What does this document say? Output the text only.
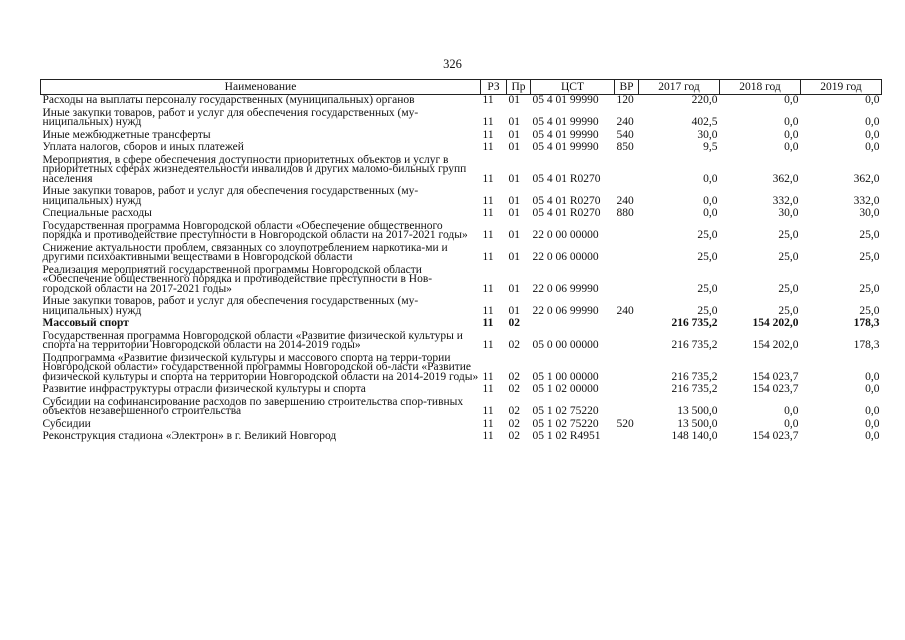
326
Наименование	РЗ	Пр	ЦСТ	ВР	2017 год	2018 год	2019 год
Расходы на выплаты персоналу государственных (муниципальных) органов	11	01	05 4 01 99990	120	220,0	0,0	0,0
Иные закупки товаров, работ и услуг для обеспечения государственных (му-ниципальных) нужд	11	01	05 4 01 99990	240	402,5	0,0	0,0
Иные межбюджетные трансферты	11	01	05 4 01 99990	540	30,0	0,0	0,0
Уплата налогов, сборов и иных платежей	11	01	05 4 01 99990	850	9,5	0,0	0,0
Мероприятия, в сфере обеспечения доступности приоритетных объектов и услуг в приоритетных сферах жизнедеятельности инвалидов и других маломо-бильных групп населения	11	01	05 4 01 R0270		0,0	362,0	362,0
Иные закупки товаров, работ и услуг для обеспечения государственных (му-ниципальных) нужд	11	01	05 4 01 R0270	240	0,0	332,0	332,0
Специальные расходы	11	01	05 4 01 R0270	880	0,0	30,0	30,0
Государственная программа Новгородской области «Обеспечение общественного порядка и противодействие преступности в Новгородской области на 2017-2021 годы»	11	01	22 0 00 00000		25,0	25,0	25,0
Снижение актуальности проблем, связанных со злоупотреблением наркотика-ми и другими психоактивными веществами в Новгородской области	11	01	22 0 06 00000		25,0	25,0	25,0
Реализация мероприятий государственной программы Новгородской области «Обеспечение общественного порядка и противодействие преступности в Нов-городской области на 2017-2021 годы»	11	01	22 0 06 99990		25,0	25,0	25,0
Иные закупки товаров, работ и услуг для обеспечения государственных (му-ниципальных) нужд	11	01	22 0 06 99990	240	25,0	25,0	25,0
Массовый спорт	11	02			216 735,2	154 202,0	178,3
Государственная программа Новгородской области «Развитие физической культуры и спорта на территории Новгородской области на 2014-2019 годы»	11	02	05 0 00 00000		216 735,2	154 202,0	178,3
Подпрограмма «Развитие физической культуры и массового спорта на терри-тории Новгородской области» государственной программы Новгородской об-ласти «Развитие физической культуры и спорта на территории Новгородской области на 2014-2019 годы»	11	02	05 1 00 00000		216 735,2	154 023,7	0,0
Развитие инфраструктуры отрасли физической культуры и спорта	11	02	05 1 02 00000		216 735,2	154 023,7	0,0
Субсидии на софинансирование расходов по завершению строительства спор-тивных объектов незавершенного строительства	11	02	05 1 02 75220		13 500,0	0,0	0,0
Субсидии	11	02	05 1 02 75220	520	13 500,0	0,0	0,0
Реконструкция стадиона «Электрон» в г. Великий Новгород	11	02	05 1 02 R4951		148 140,0	154 023,7	0,0
